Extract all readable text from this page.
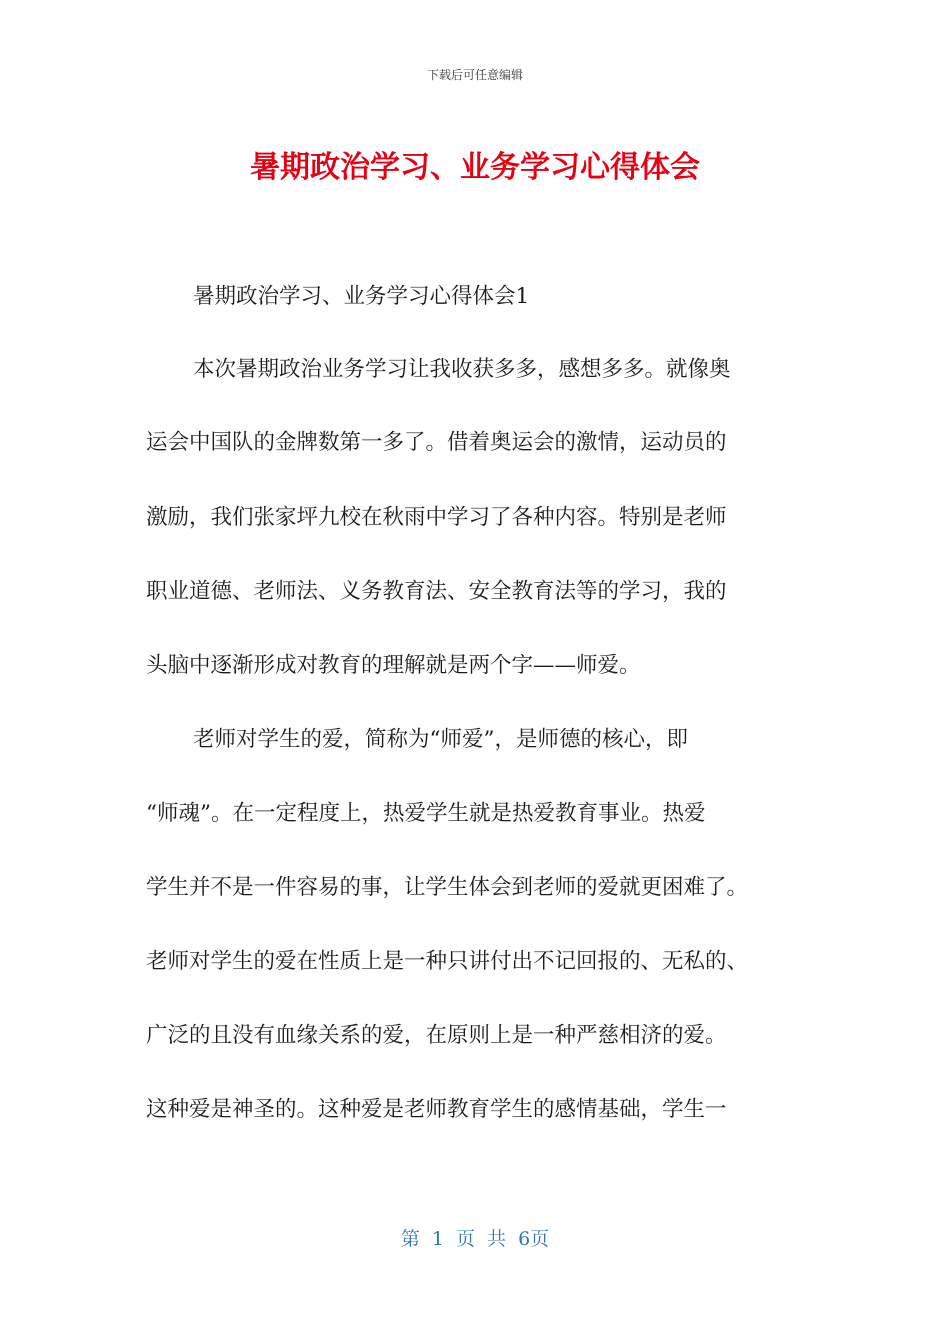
下载后可任意编辑
暑期政治学习、业务学习心得体会
暑期政治学习、业务学习心得体会1
本次暑期政治业务学习让我收获多多，感想多多。就像奥
运会中国队的金牌数第一多了。借着奥运会的激情，运动员的
激励，我们张家坪九校在秋雨中学习了各种内容。特别是老师
职业道德、老师法、义务教育法、安全教育法等的学习，我的
头脑中逐渐形成对教育的理解就是两个字——师爱。
老师对学生的爱，简称为“师爱”，是师德的核心，即
“师魂”。在一定程度上，热爱学生就是热爱教育事业。热爱
学生并不是一件容易的事，让学生体会到老师的爱就更困难了。
老师对学生的爱在性质上是一种只讲付出不记回报的、无私的、
广泛的且没有血缘关系的爱，在原则上是一种严慈相济的爱。
这种爱是神圣的。这种爱是老师教育学生的感情基础，学生一
第 1 页 共 6页
